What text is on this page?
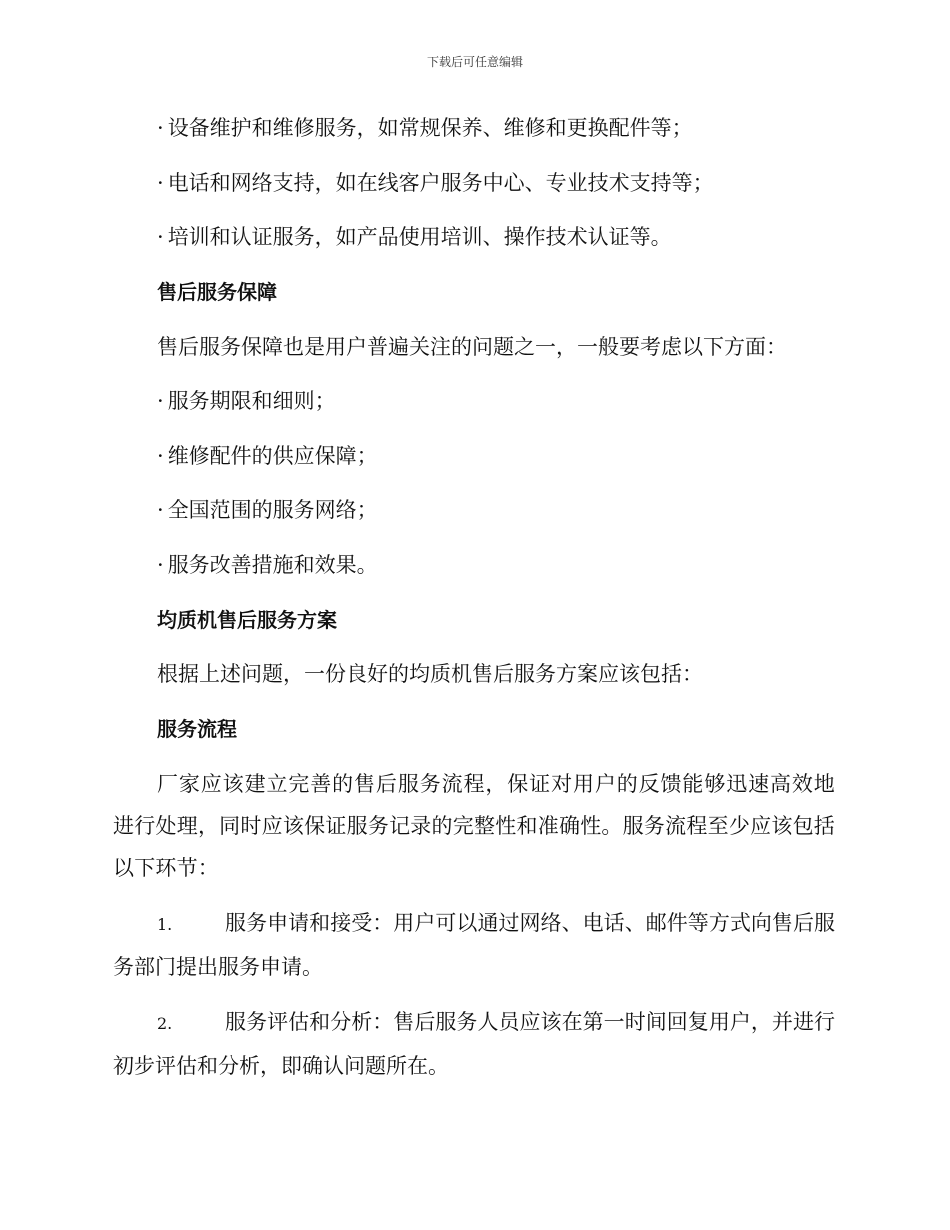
下载后可任意编辑
· 设备维护和维修服务，如常规保养、维修和更换配件等；
· 电话和网络支持，如在线客户服务中心、专业技术支持等；
· 培训和认证服务，如产品使用培训、操作技术认证等。
售后服务保障
售后服务保障也是用户普遍关注的问题之一，一般要考虑以下方面：
· 服务期限和细则；
· 维修配件的供应保障；
· 全国范围的服务网络；
· 服务改善措施和效果。
均质机售后服务方案
根据上述问题，一份良好的均质机售后服务方案应该包括：
服务流程
厂家应该建立完善的售后服务流程，保证对用户的反馈能够迅速高效地进行处理，同时应该保证服务记录的完整性和准确性。服务流程至少应该包括以下环节：
1.	服务申请和接受：用户可以通过网络、电话、邮件等方式向售后服务部门提出服务申请。
2.	服务评估和分析：售后服务人员应该在第一时间回复用户，并进行初步评估和分析，即确认问题所在。
